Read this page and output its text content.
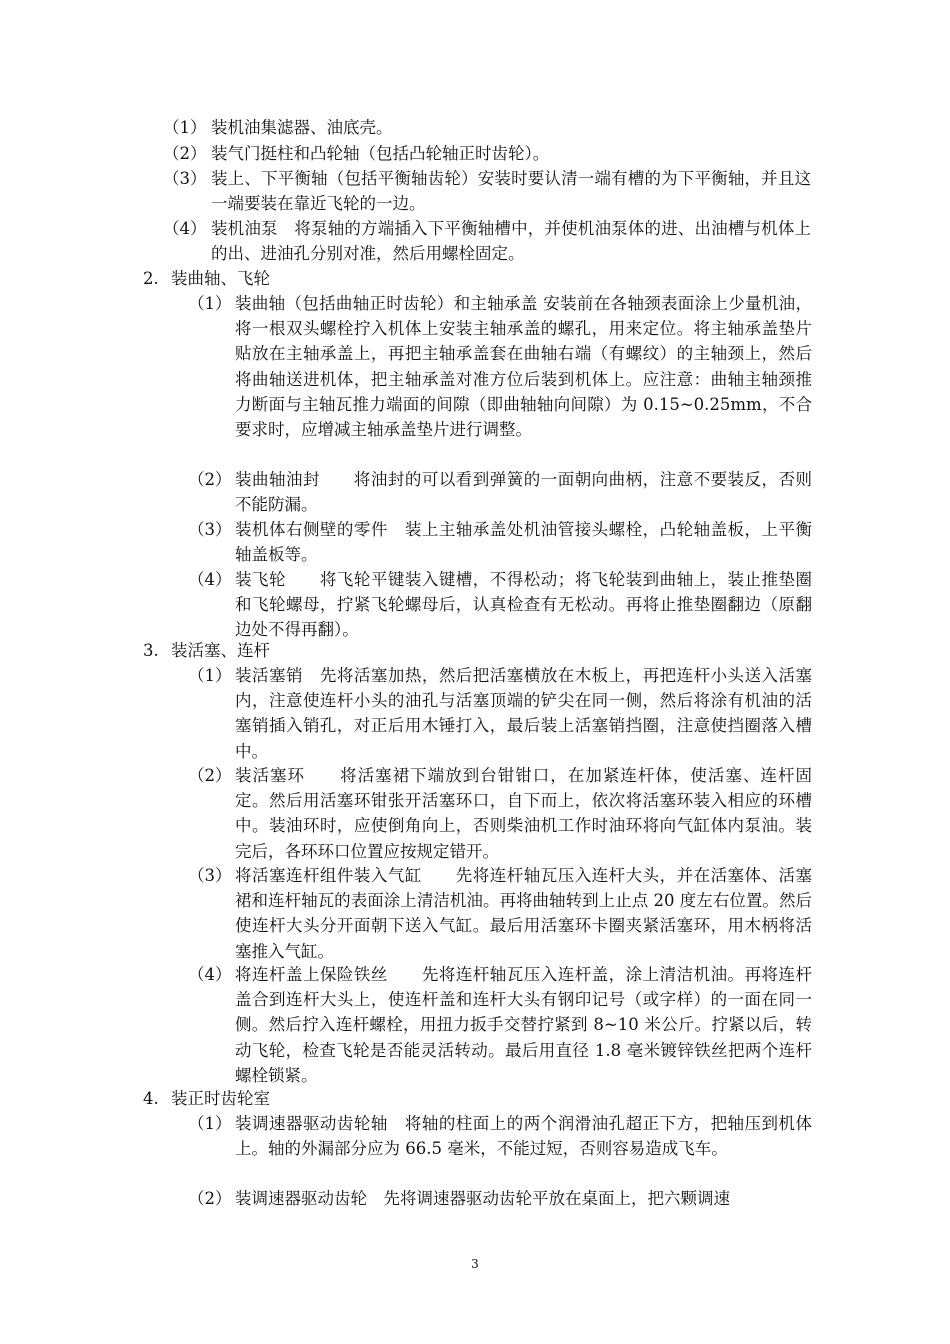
（1） 装机油集滤器、油底壳。
（2） 装气门挺柱和凸轮轴（包括凸轮轴正时齿轮）。
（3） 装上、下平衡轴（包括平衡轴齿轮）安装时要认清一端有槽的为下平衡轴，并且这一端要装在靠近飞轮的一边。
（4） 装机油泵　将泵轴的方端插入下平衡轴槽中，并使机油泵体的进、出油槽与机体上的出、进油孔分别对准，然后用螺栓固定。
2. 装曲轴、飞轮
（1） 装曲轴（包括曲轴正时齿轮）和主轴承盖 安装前在各轴颈表面涂上少量机油，将一根双头螺栓拧入机体上安装主轴承盖的螺孔，用来定位。将主轴承盖垫片贴放在主轴承盖上，再把主轴承盖套在曲轴右端（有螺纹）的主轴颈上，然后将曲轴送进机体，把主轴承盖对准方位后装到机体上。应注意：曲轴主轴颈推力断面与主轴瓦推力端面的间隙（即曲轴轴向间隙）为 0.15~0.25mm，不合要求时，应增减主轴承盖垫片进行调整。
（2） 装曲轴油封　　将油封的可以看到弹簧的一面朝向曲柄，注意不要装反，否则不能防漏。
（3） 装机体右侧壁的零件　装上主轴承盖处机油管接头螺栓，凸轮轴盖板，上平衡轴盖板等。
（4） 装飞轮　　将飞轮平键装入键槽，不得松动；将飞轮装到曲轴上，装止推垫圈和飞轮螺母，拧紧飞轮螺母后，认真检查有无松动。再将止推垫圈翻边（原翻边处不得再翻）。
3. 装活塞、连杆
（1） 装活塞销　先将活塞加热，然后把活塞横放在木板上，再把连杆小头送入活塞内，注意使连杆小头的油孔与活塞顶端的铲尖在同一侧，然后将涂有机油的活塞销插入销孔，对正后用木锤打入，最后装上活塞销挡圈，注意使挡圈落入槽中。
（2） 装活塞环　　将活塞裙下端放到台钳钳口，在加紧连杆体，使活塞、连杆固定。然后用活塞环钳张开活塞环口，自下而上，依次将活塞环装入相应的环槽中。装油环时，应使倒角向上，否则柴油机工作时油环将向气缸体内泵油。装完后，各环环口位置应按规定错开。
（3） 将活塞连杆组件装入气缸　　先将连杆轴瓦压入连杆大头，并在活塞体、活塞裙和连杆轴瓦的表面涂上清洁机油。再将曲轴转到上止点 20 度左右位置。然后使连杆大头分开面朝下送入气缸。最后用活塞环卡圈夹紧活塞环，用木柄将活塞推入气缸。
（4） 将连杆盖上保险铁丝　　先将连杆轴瓦压入连杆盖，涂上清洁机油。再将连杆盖合到连杆大头上，使连杆盖和连杆大头有钢印记号（或字样）的一面在同一侧。然后拧入连杆螺栓，用扭力扳手交替拧紧到 8~10 米公斤。拧紧以后，转动飞轮，检查飞轮是否能灵活转动。最后用直径 1.8 毫米镀锌铁丝把两个连杆螺栓锁紧。
4. 装正时齿轮室
（1） 装调速器驱动齿轮轴　将轴的柱面上的两个润滑油孔超正下方，把轴压到机体上。轴的外漏部分应为 66.5 毫米，不能过短，否则容易造成飞车。
（2） 装调速器驱动齿轮　先将调速器驱动齿轮平放在桌面上，把六颗调速
3
